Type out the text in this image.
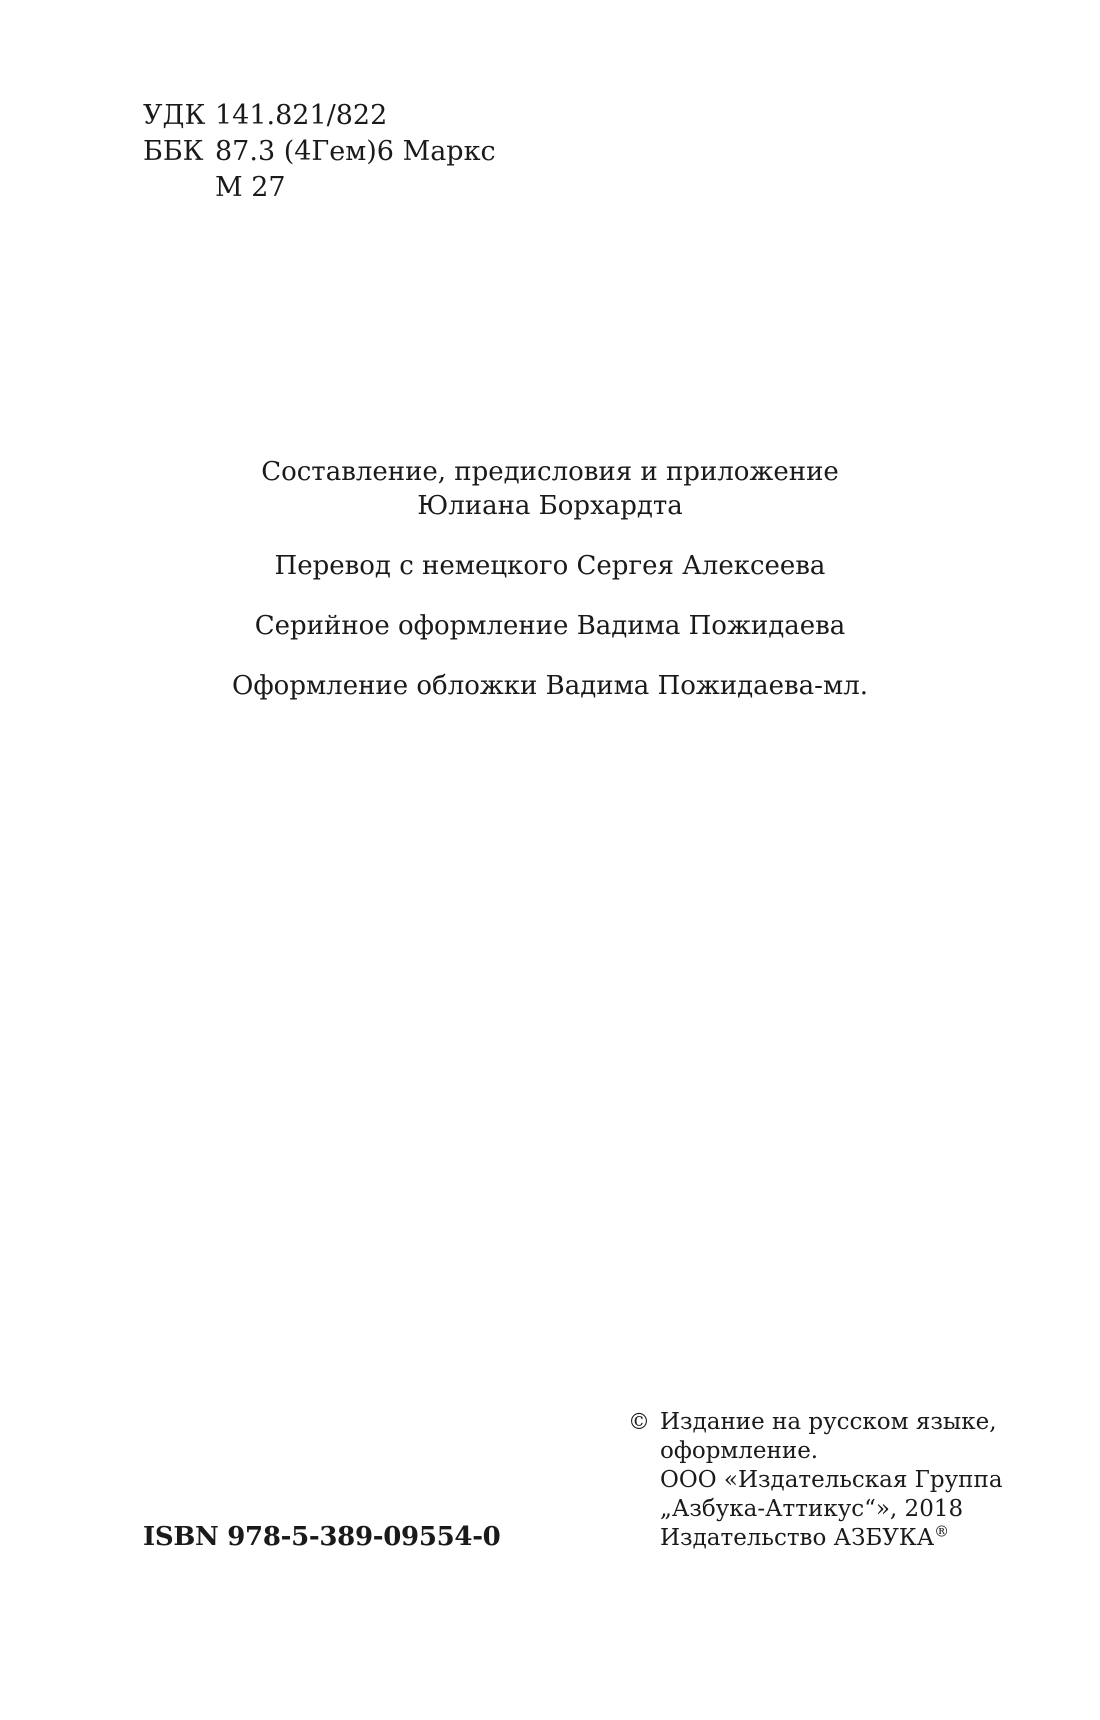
УДК 141.821/822
ББК 87.3 (4Гем)6 Маркс
М 27
Составление, предисловия и приложение
Юлиана Борхардта
Перевод с немецкого Сергея Алексеева
Серийное оформление Вадима Пожидаева
Оформление обложки Вадима Пожидаева-мл.
ISBN 978-5-389-09554-0
© Издание на русском языке,
оформление.
ООО «Издательская Группа
„Азбука-Аттикус“», 2018
Издательство АЗБУКА®
